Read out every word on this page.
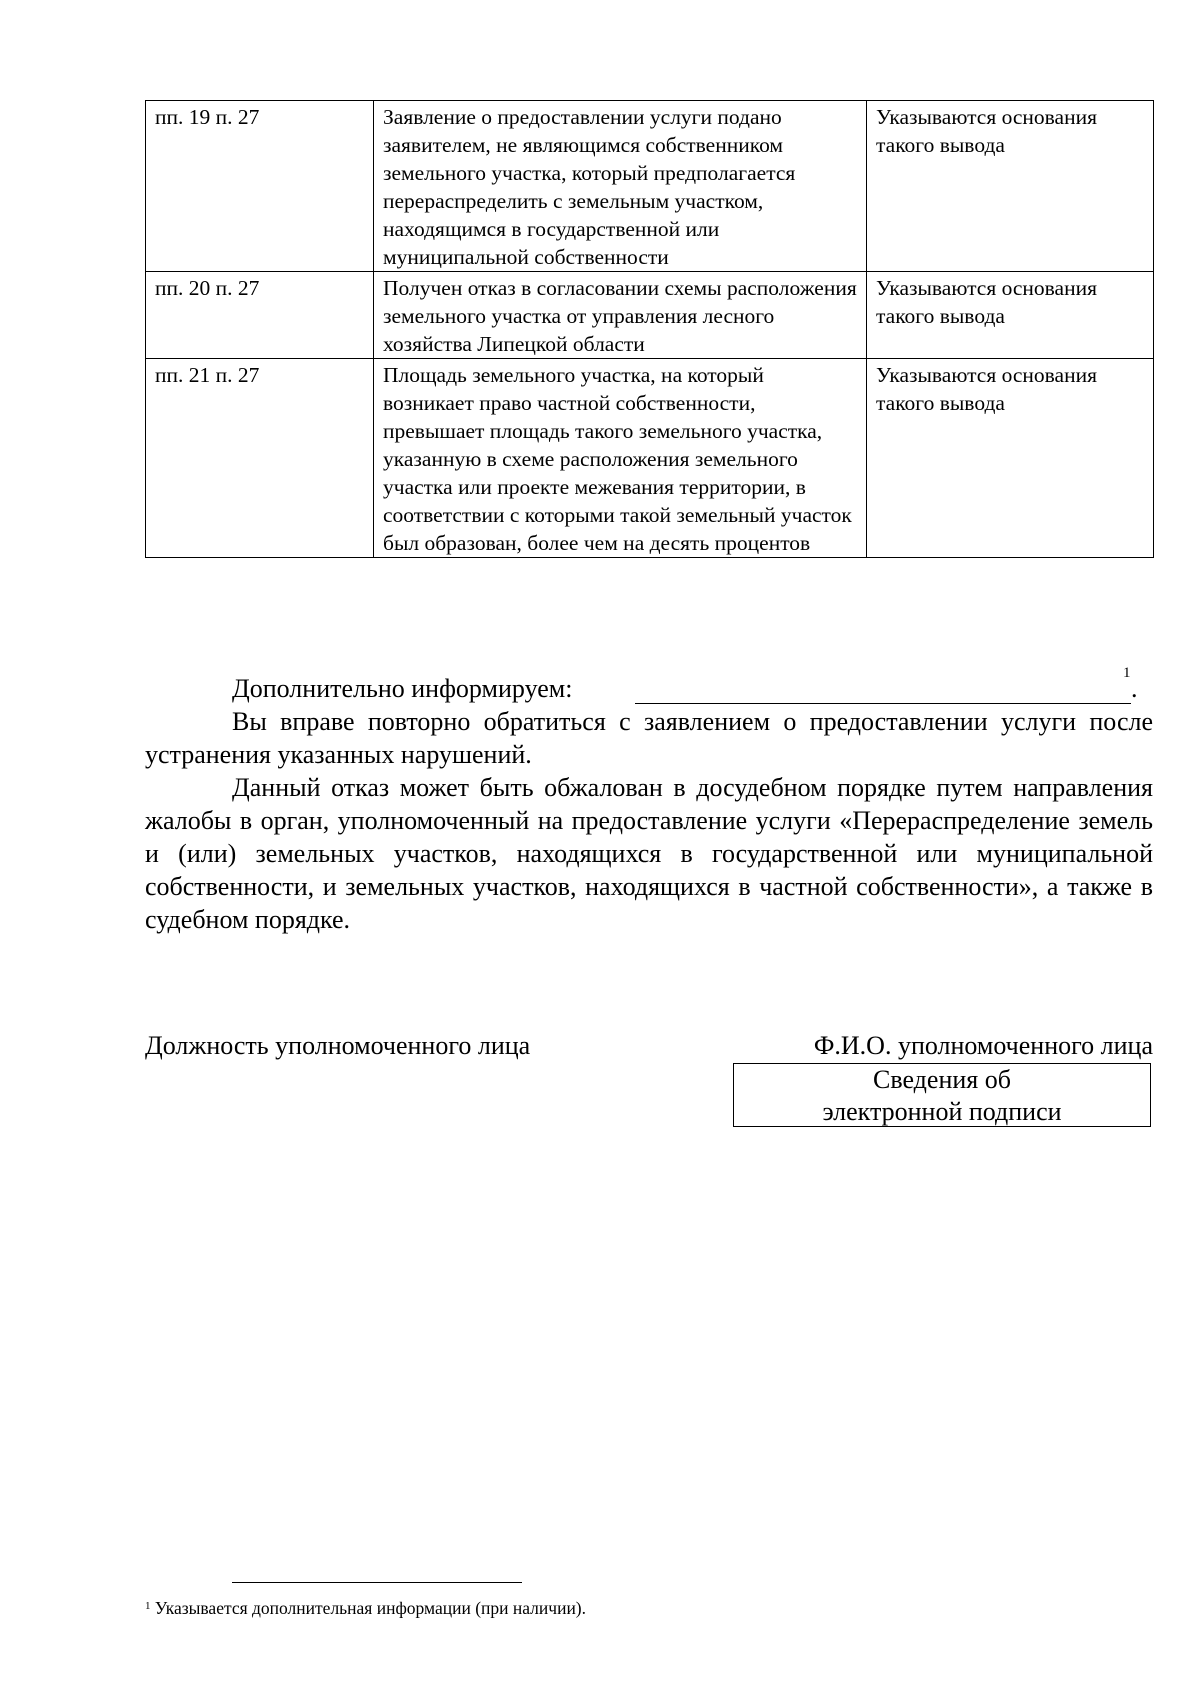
пп. 19 п. 27	Заявление о предоставлении услуги подано заявителем, не являющимся собственником земельного участка, который предполагается перераспределить с земельным участком, находящимся в государственной или муниципальной собственности	Указываются основания такого вывода
пп. 20 п. 27	Получен отказ в согласовании схемы расположения земельного участка от управления лесного хозяйства Липецкой области	Указываются основания такого вывода
пп. 21 п. 27	Площадь земельного участка, на который возникает право частной собственности, превышает площадь такого земельного участка, указанную в схеме расположения земельного участка или проекте межевания территории, в соответствии с которыми такой земельный участок был образован, более чем на десять процентов	Указываются основания такого вывода
Дополнительно информируем:
1
.

Вы вправе повторно обратиться с заявлением о предоставлении услуги после устранения указанных нарушений.

Данный отказ может быть обжалован в досудебном порядке путем направления жалобы в орган, уполномоченный на предоставление услуги «Перераспределение земель и (или) земельных участков, находящихся в государственной или муниципальной собственности, и земельных участков, находящихся в частной собственности», а также в судебном порядке.

Должность уполномоченного лица	Ф.И.О. уполномоченного лица
Сведения об
электронной подписи
$^1$ Указывается дополнительная информации (при наличии).
